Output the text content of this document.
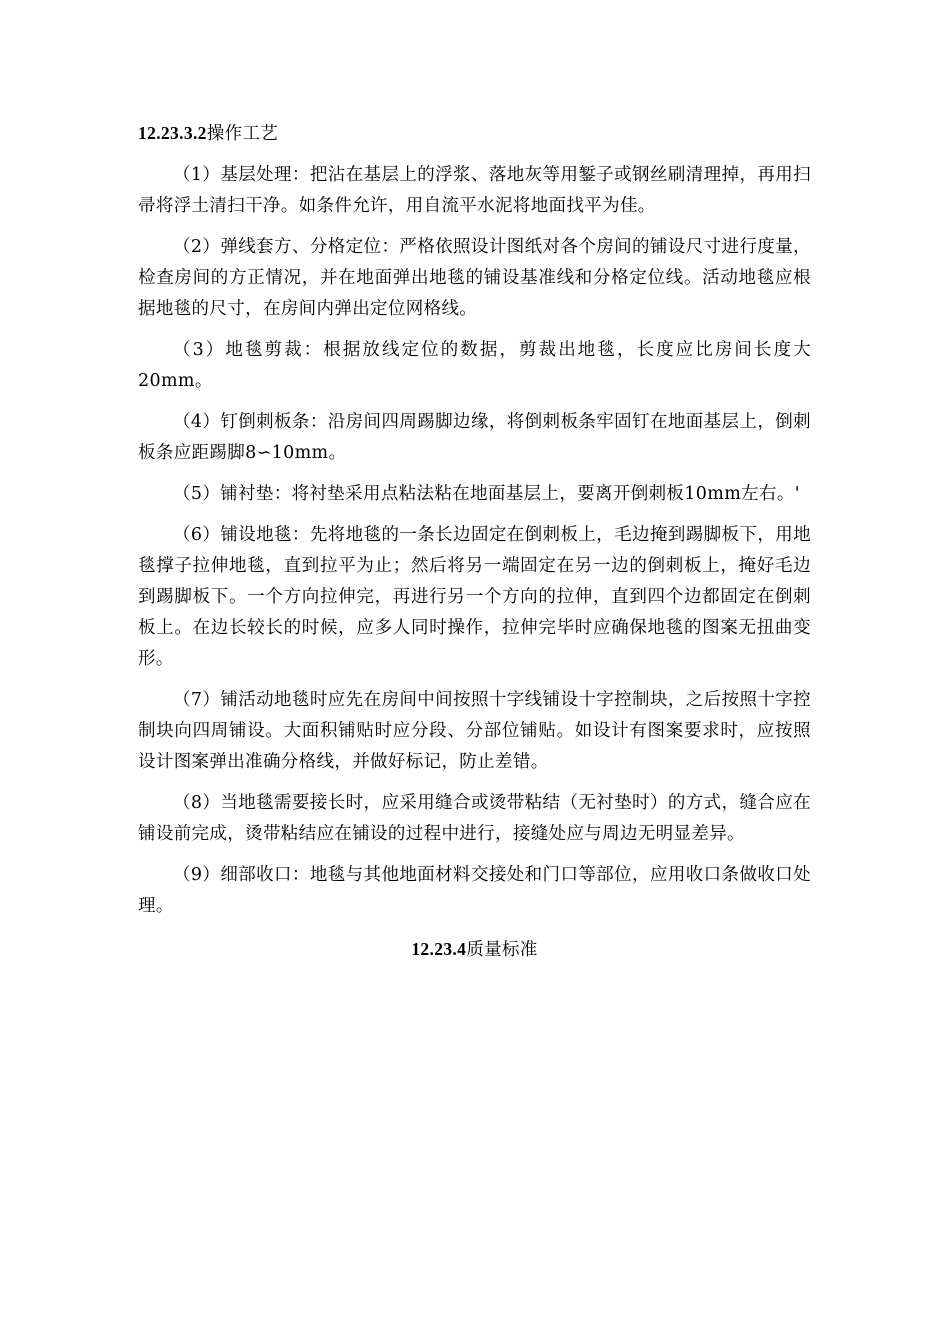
12.23.3.2操作工艺

（1）基层处理：把沾在基层上的浮浆、落地灰等用錾子或钢丝刷清理掉，再用扫帚将浮土清扫干净。如条件允许，用自流平水泥将地面找平为佳。

（2）弹线套方、分格定位：严格依照设计图纸对各个房间的铺设尺寸进行度量，检查房间的方正情况，并在地面弹出地毯的铺设基准线和分格定位线。活动地毯应根据地毯的尺寸，在房间内弹出定位网格线。

（3）地毯剪裁：根据放线定位的数据，剪裁出地毯，长度应比房间长度大20mm。

（4）钉倒刺板条：沿房间四周踢脚边缘，将倒刺板条牢固钉在地面基层上，倒刺板条应距踢脚8∽10mm。

（5）铺衬垫：将衬垫采用点粘法粘在地面基层上，要离开倒刺板10mm左右。'

（6）铺设地毯：先将地毯的一条长边固定在倒刺板上，毛边掩到踢脚板下，用地毯撑子拉伸地毯，直到拉平为止；然后将另一端固定在另一边的倒刺板上，掩好毛边到踢脚板下。一个方向拉伸完，再进行另一个方向的拉伸，直到四个边都固定在倒刺板上。在边长较长的时候，应多人同时操作，拉伸完毕时应确保地毯的图案无扭曲变形。

（7）铺活动地毯时应先在房间中间按照十字线铺设十字控制块，之后按照十字控制块向四周铺设。大面积铺贴时应分段、分部位铺贴。如设计有图案要求时，应按照设计图案弹出准确分格线，并做好标记，防止差错。

（8）当地毯需要接长时，应采用缝合或烫带粘结（无衬垫时）的方式，缝合应在铺设前完成，烫带粘结应在铺设的过程中进行，接缝处应与周边无明显差异。

（9）细部收口：地毯与其他地面材料交接处和门口等部位，应用收口条做收口处理。

12.23.4质量标准
